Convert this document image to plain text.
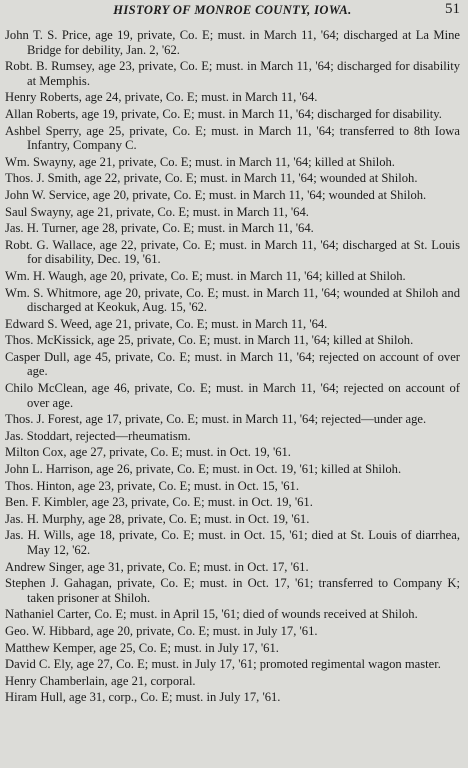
HISTORY OF MONROE COUNTY, IOWA.	51

John T. S. Price, age 19, private, Co. E; must. in March 11, '64; discharged at La Mine Bridge for debility, Jan. 2, '62.

Robt. B. Rumsey, age 23, private, Co. E; must. in March 11, '64; discharged for disability at Memphis.

Henry Roberts, age 24, private, Co. E; must. in March 11, '64.

Allan Roberts, age 19, private, Co. E; must. in March 11, '64; discharged for disability.

Ashbel Sperry, age 25, private, Co. E; must. in March 11, '64; transferred to 8th Iowa Infantry, Company C.

Wm. Swayny, age 21, private, Co. E; must. in March 11, '64; killed at Shiloh.

Thos. J. Smith, age 22, private, Co. E; must. in March 11, '64; wounded at Shiloh.

John W. Service, age 20, private, Co. E; must. in March 11, '64; wounded at Shiloh.

Saul Swayny, age 21, private, Co. E; must. in March 11, '64.

Jas. H. Turner, age 28, private, Co. E; must. in March 11, '64.

Robt. G. Wallace, age 22, private, Co. E; must. in March 11, '64; discharged at St. Louis for disability, Dec. 19, '61.

Wm. H. Waugh, age 20, private, Co. E; must. in March 11, '64; killed at Shiloh.

Wm. S. Whitmore, age 20, private, Co. E; must. in March 11, '64; wounded at Shiloh and discharged at Keokuk, Aug. 15, '62.

Edward S. Weed, age 21, private, Co. E; must. in March 11, '64.

Thos. McKissick, age 25, private, Co. E; must. in March 11, '64; killed at Shiloh.

Casper Dull, age 45, private, Co. E; must. in March 11, '64; rejected on account of over age.

Chilo McClean, age 46, private, Co. E; must. in March 11, '64; rejected on account of over age.

Thos. J. Forest, age 17, private, Co. E; must. in March 11, '64; rejected—under age.

Jas. Stoddart, rejected—rheumatism.

Milton Cox, age 27, private, Co. E; must. in Oct. 19, '61.

John L. Harrison, age 26, private, Co. E; must. in Oct. 19, '61; killed at Shiloh.

Thos. Hinton, age 23, private, Co. E; must. in Oct. 15, '61.

Ben. F. Kimbler, age 23, private, Co. E; must. in Oct. 19, '61.

Jas. H. Murphy, age 28, private, Co. E; must. in Oct. 19, '61.

Jas. H. Wills, age 18, private, Co. E; must. in Oct. 15, '61; died at St. Louis of diarrhea, May 12, '62.

Andrew Singer, age 31, private, Co. E; must. in Oct. 17, '61.

Stephen J. Gahagan, private, Co. E; must. in Oct. 17, '61; transferred to Company K; taken prisoner at Shiloh.

Nathaniel Carter, Co. E; must. in April 15, '61; died of wounds received at Shiloh.

Geo. W. Hibbard, age 20, private, Co. E; must. in July 17, '61.

Matthew Kemper, age 25, Co. E; must. in July 17, '61.

David C. Ely, age 27, Co. E; must. in July 17, '61; promoted regimental wagon master.

Henry Chamberlain, age 21, corporal.

Hiram Hull, age 31, corp., Co. E; must. in July 17, '61.
